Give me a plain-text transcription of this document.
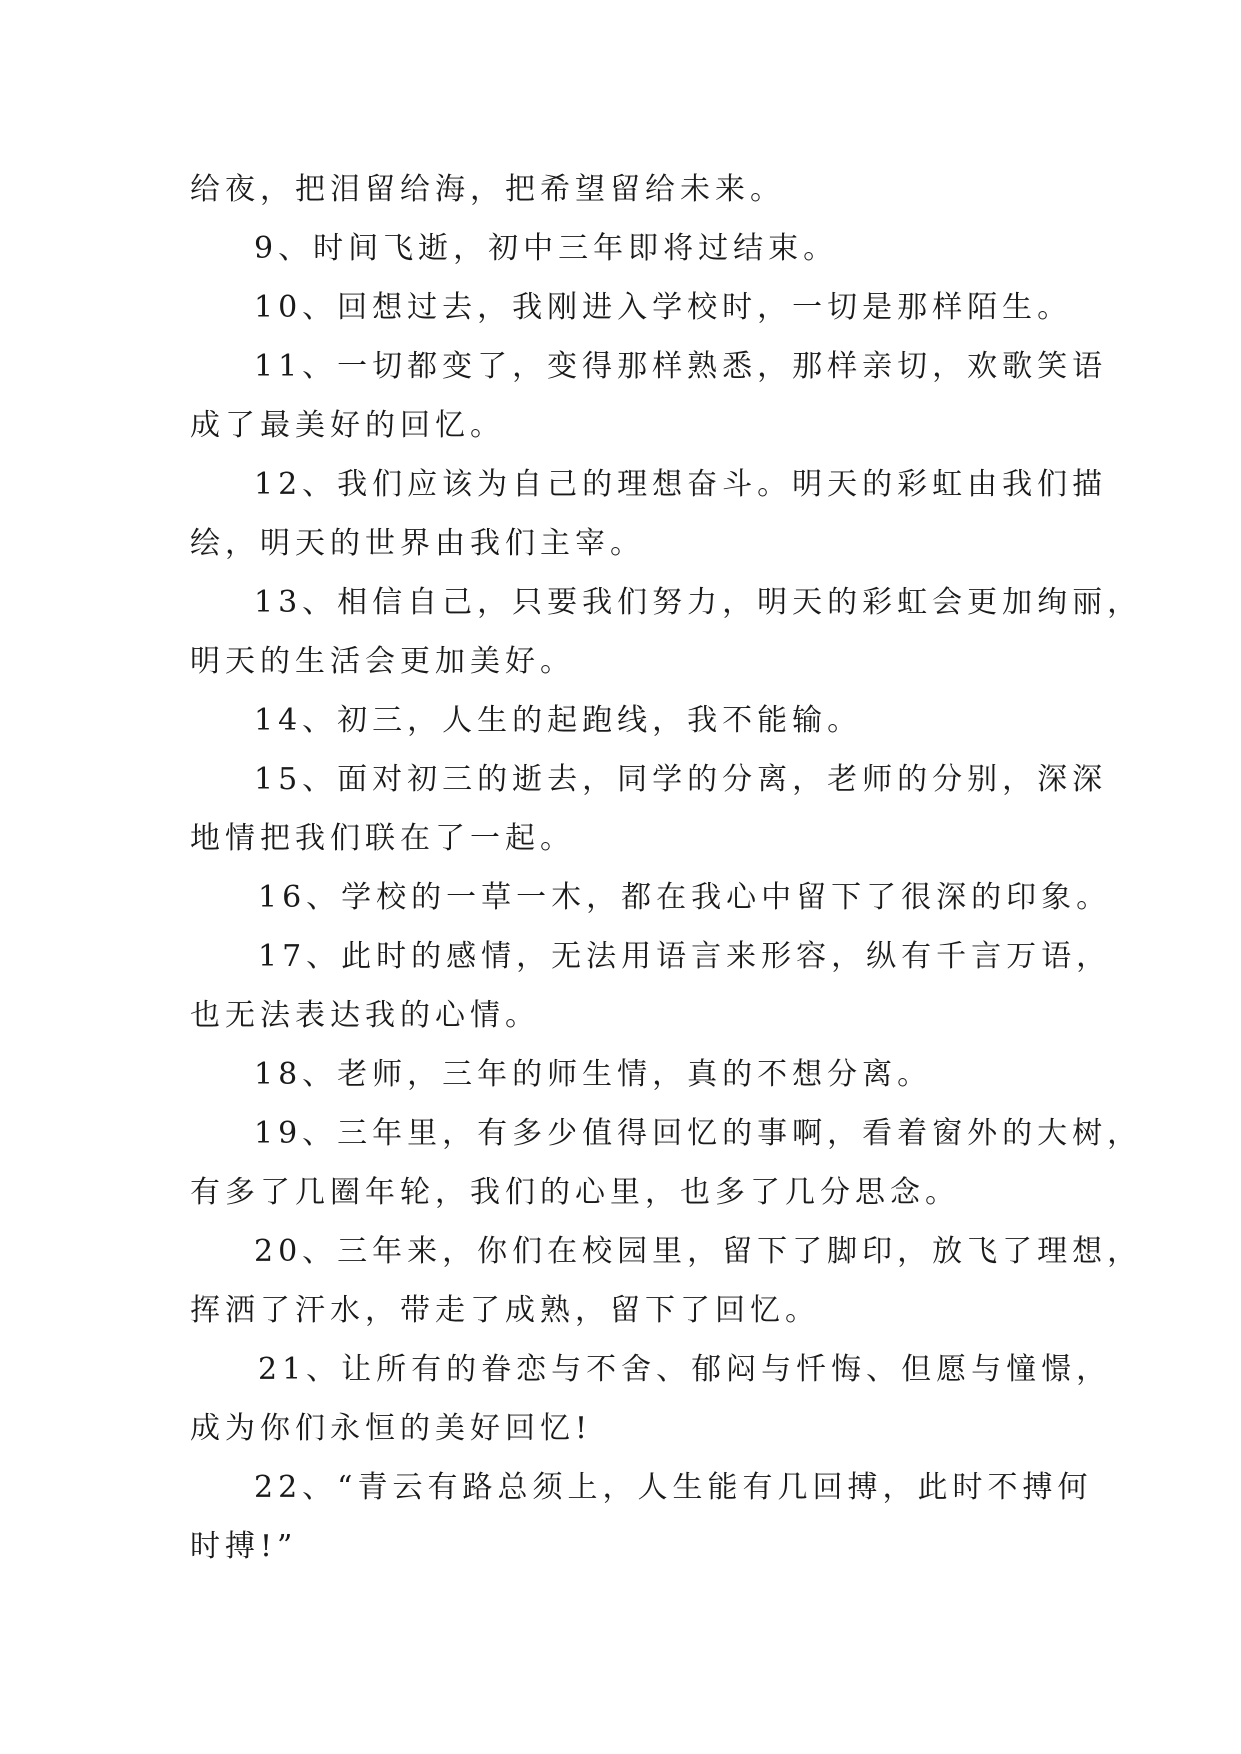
给夜，把泪留给海，把希望留给未来。
9、时间飞逝，初中三年即将过结束。
10、回想过去，我刚进入学校时，一切是那样陌生。
11、一切都变了，变得那样熟悉，那样亲切，欢歌笑语
成了最美好的回忆。
12、我们应该为自己的理想奋斗。明天的彩虹由我们描
绘，明天的世界由我们主宰。
13、相信自己，只要我们努力，明天的彩虹会更加绚丽，
明天的生活会更加美好。
14、初三，人生的起跑线，我不能输。
15、面对初三的逝去，同学的分离，老师的分别，深深
地情把我们联在了一起。
16、学校的一草一木，都在我心中留下了很深的印象。
17、此时的感情，无法用语言来形容，纵有千言万语，
也无法表达我的心情。
18、老师，三年的师生情，真的不想分离。
19、三年里，有多少值得回忆的事啊，看着窗外的大树，
有多了几圈年轮，我们的心里，也多了几分思念。
20、三年来，你们在校园里，留下了脚印，放飞了理想，
挥洒了汗水，带走了成熟，留下了回忆。
21、让所有的眷恋与不舍、郁闷与忏悔、但愿与憧憬，
成为你们永恒的美好回忆!
22、“青云有路总须上，人生能有几回搏，此时不搏何
时搏!”
